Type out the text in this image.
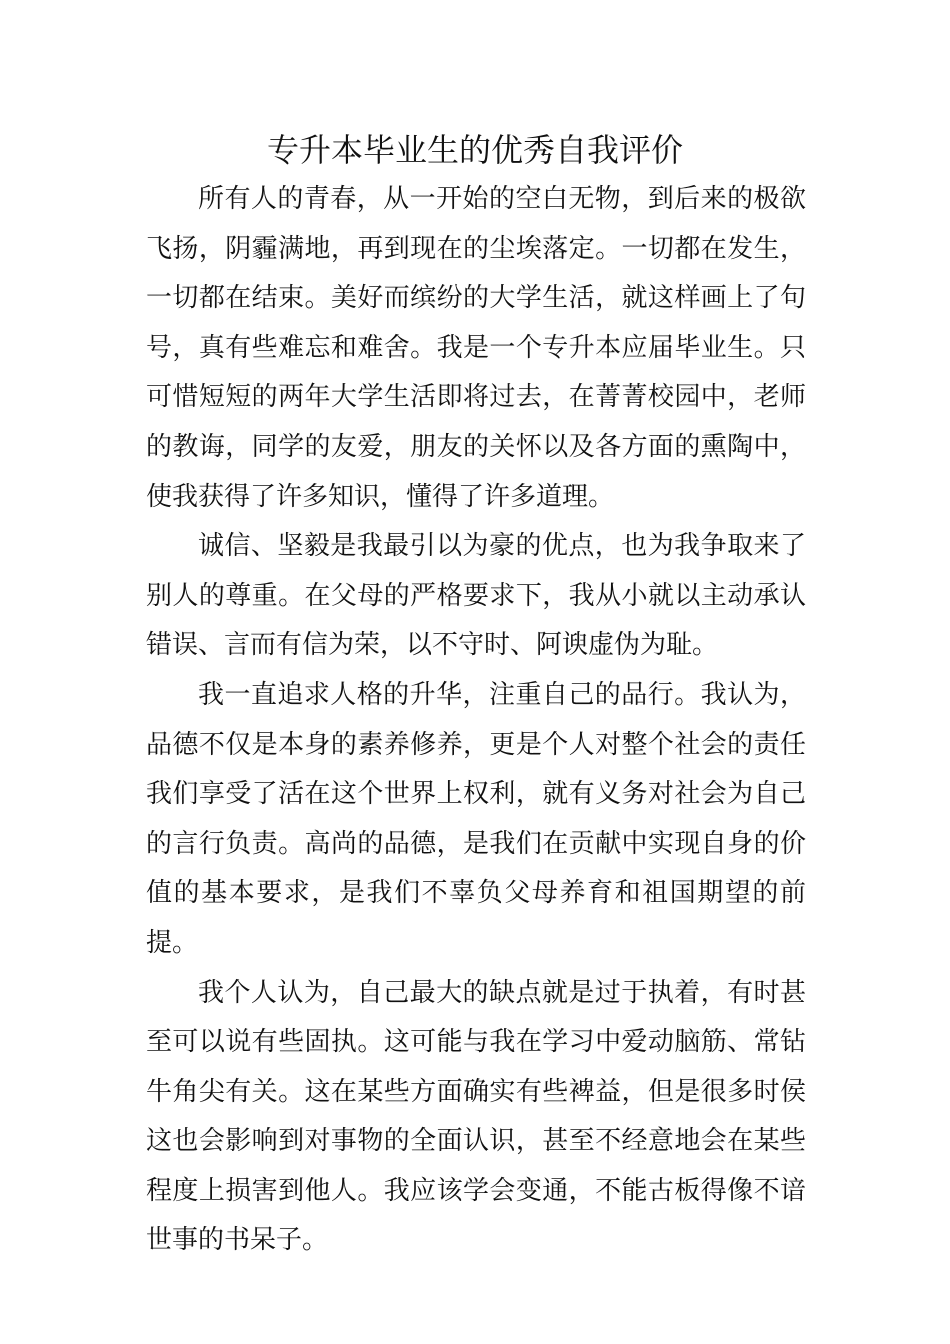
专升本毕业生的优秀自我评价

所有人的青春，从一开始的空白无物，到后来的极欲飞扬，阴霾满地，再到现在的尘埃落定。一切都在发生，一切都在结束。美好而缤纷的大学生活，就这样画上了句号，真有些难忘和难舍。我是一个专升本应届毕业生。只可惜短短的两年大学生活即将过去，在菁菁校园中，老师的教诲，同学的友爱，朋友的关怀以及各方面的熏陶中，使我获得了许多知识，懂得了许多道理。

诚信、坚毅是我最引以为豪的优点，也为我争取来了别人的尊重。在父母的严格要求下，我从小就以主动承认错误、言而有信为荣，以不守时、阿谀虚伪为耻。

我一直追求人格的升华，注重自己的品行。我认为，品德不仅是本身的素养修养，更是个人对整个社会的责任我们享受了活在这个世界上权利，就有义务对社会为自己的言行负责。高尚的品德，是我们在贡献中实现自身的价值的基本要求，是我们不辜负父母养育和祖国期望的前提。

我个人认为，自己最大的缺点就是过于执着，有时甚至可以说有些固执。这可能与我在学习中爱动脑筋、常钻牛角尖有关。这在某些方面确实有些裨益，但是很多时侯这也会影响到对事物的全面认识，甚至不经意地会在某些程度上损害到他人。我应该学会变通，不能古板得像不谙世事的书呆子。
